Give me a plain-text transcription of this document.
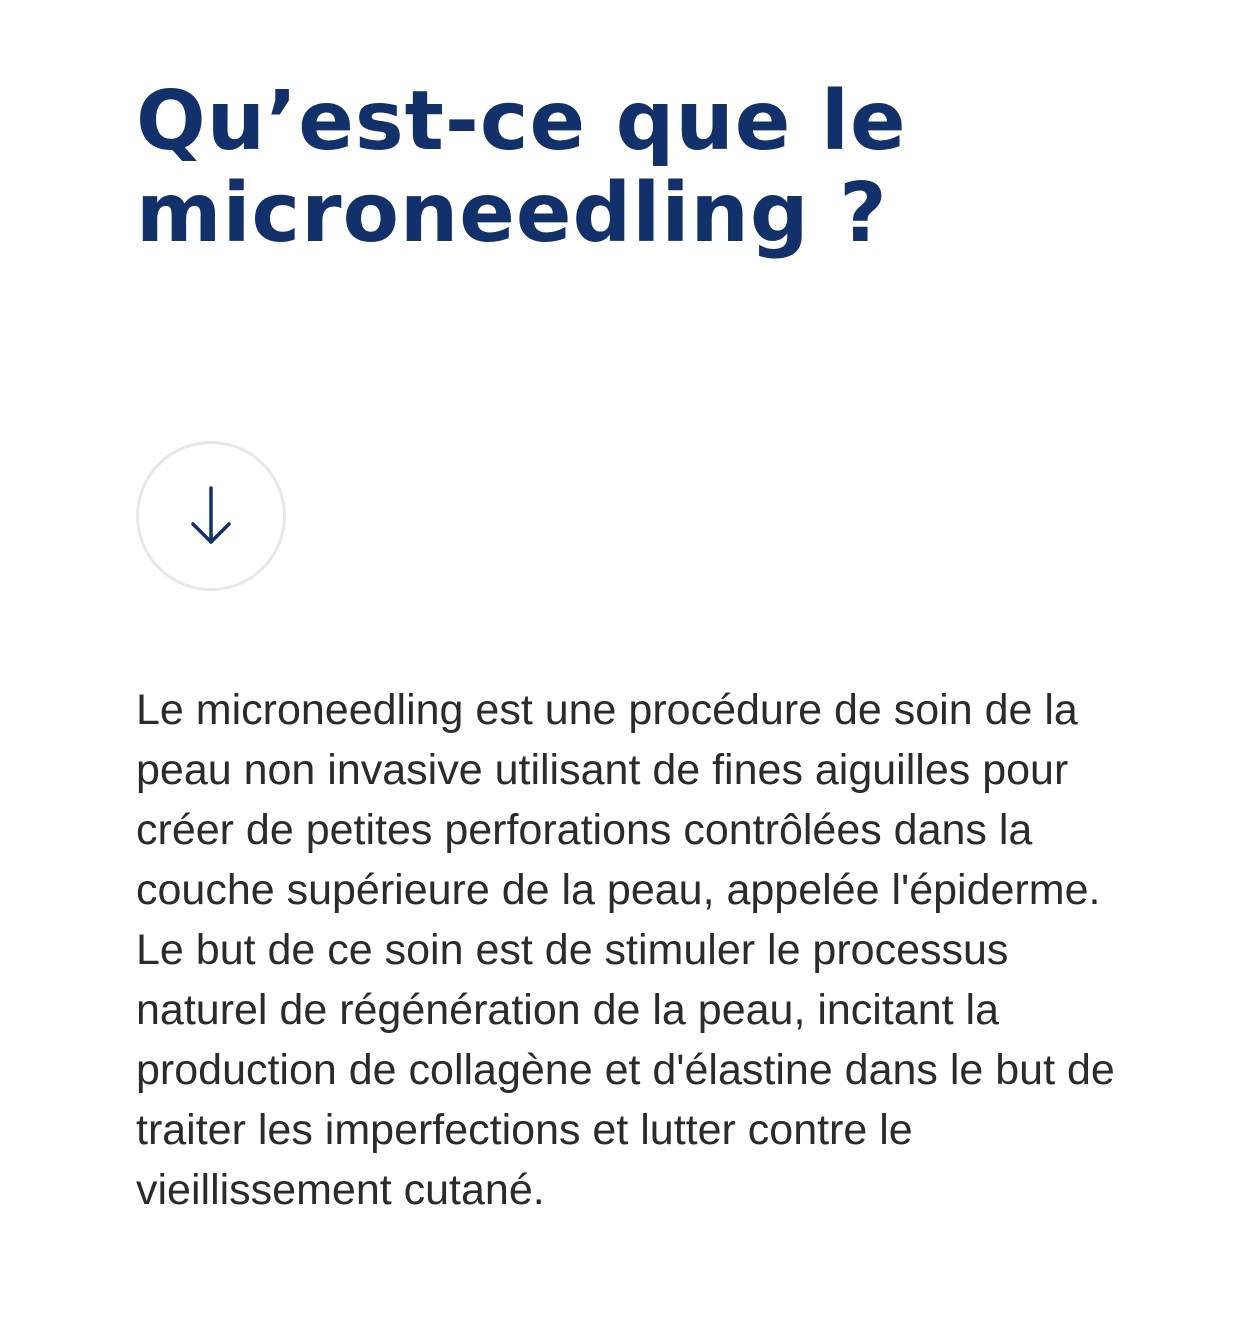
Qu’est-ce que le
microneedling ?

Le microneedling est une procédure de soin de la peau non invasive utilisant de fines aiguilles pour créer de petites perforations contrôlées dans la couche supérieure de la peau, appelée l'épiderme.

Le but de ce soin est de stimuler le processus naturel de régénération de la peau, incitant la production de collagène et d'élastine dans le but de traiter les imperfections et lutter contre le vieillissement cutané.
